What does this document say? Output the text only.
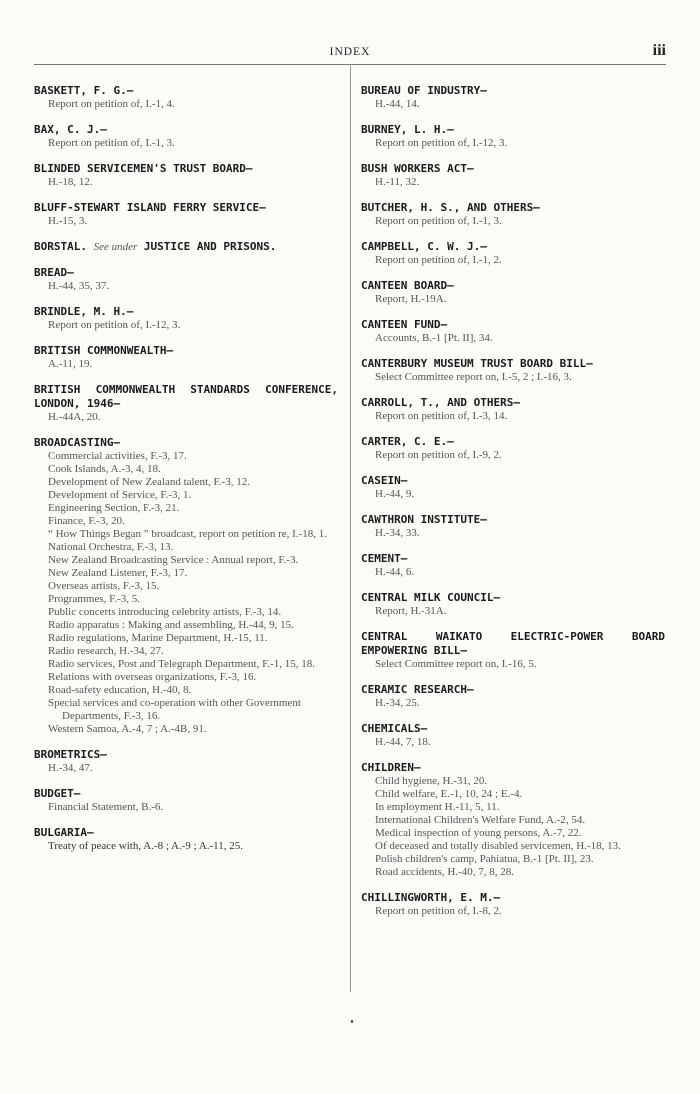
INDEX	iii
BASKETT, F. G.—
Report on petition of, I.-1, 4.
BAX, C. J.—
Report on petition of, I.-1, 3.
BLINDED SERVICEMEN'S TRUST BOARD—
H.-18, 12.
BLUFF-STEWART ISLAND FERRY SERVICE—
H.-15, 3.
BORSTAL. See under JUSTICE AND PRISONS.
BREAD—
H.-44, 35, 37.
BRINDLE, M. H.—
Report on petition of, I.-12, 3.
BRITISH COMMONWEALTH—
A.-11, 19.
BRITISH COMMONWEALTH STANDARDS CONFERENCE, LONDON, 1946—
H.-44A, 20.
BROADCASTING—
Commercial activities, F.-3, 17.
Cook Islands, A.-3, 4, 18.
Development of New Zealand talent, F.-3, 12.
Development of Service, F.-3, 1.
Engineering Section, F.-3, 21.
Finance, F.-3, 20.
“ How Things Began ” broadcast, report on petition re, I.-18, 1.
National Orchestra, F.-3, 13.
New Zealand Broadcasting Service : Annual report, F.-3.
New Zealand Listener, F.-3, 17.
Overseas artists, F.-3, 15.
Programmes, F.-3, 5.
Public concerts introducing celebrity artists, F.-3, 14.
Radio apparatus : Making and assembling, H.-44, 9, 15.
Radio regulations, Marine Department, H.-15, 11.
Radio research, H.-34, 27.
Radio services, Post and Telegraph Department, F.-1, 15, 18.
Relations with overseas organizations, F.-3, 16.
Road-safety education, H.-40, 8.
Special services and co-operation with other Government Departments, F.-3, 16.
Western Samoa, A.-4, 7 ; A.-4B, 91.
BROMETRICS—
H.-34, 47.
BUDGET—
Financial Statement, B.-6.
BULGARIA—
Treaty of peace with, A.-8 ; A.-9 ; A.-11, 25.
BUREAU OF INDUSTRY—
H.-44, 14.
BURNEY, L. H.—
Report on petition of, I.-12, 3.
BUSH WORKERS ACT—
H.-11, 32.
BUTCHER, H. S., AND OTHERS—
Report on petition of, I.-1, 3.
CAMPBELL, C. W. J.—
Report on petition of, I.-1, 2.
CANTEEN BOARD—
Report, H.-19A.
CANTEEN FUND—
Accounts, B.-1 [Pt. II], 34.
CANTERBURY MUSEUM TRUST BOARD BILL—
Select Committee report on, I.-5, 2 ; I.-16, 3.
CARROLL, T., AND OTHERS—
Report on petition of, I.-3, 14.
CARTER, C. E.—
Report on petition of, I.-9, 2.
CASEIN—
H.-44, 9.
CAWTHRON INSTITUTE—
H.-34, 33.
CEMENT—
H.-44, 6.
CENTRAL MILK COUNCIL—
Report, H.-31A.
CENTRAL WAIKATO ELECTRIC-POWER BOARD EMPOWERING BILL—
Select Committee report on, I.-16, 5.
CERAMIC RESEARCH—
H.-34, 25.
CHEMICALS—
H.-44, 7, 18.
CHILDREN—
Child hygiene, H.-31, 20.
Child welfare, E.-1, 10, 24 ; E.-4.
In employment H.-11, 5, 11.
International Children's Welfare Fund, A.-2, 54.
Medical inspection of young persons, A.-7, 22.
Of deceased and totally disabled servicemen, H.-18, 13.
Polish children's camp, Pahiatua, B.-1 [Pt. II], 23.
Road accidents, H.-40, 7, 8, 28.
CHILLINGWORTH, E. M.—
Report on petition of, I.-8, 2.
